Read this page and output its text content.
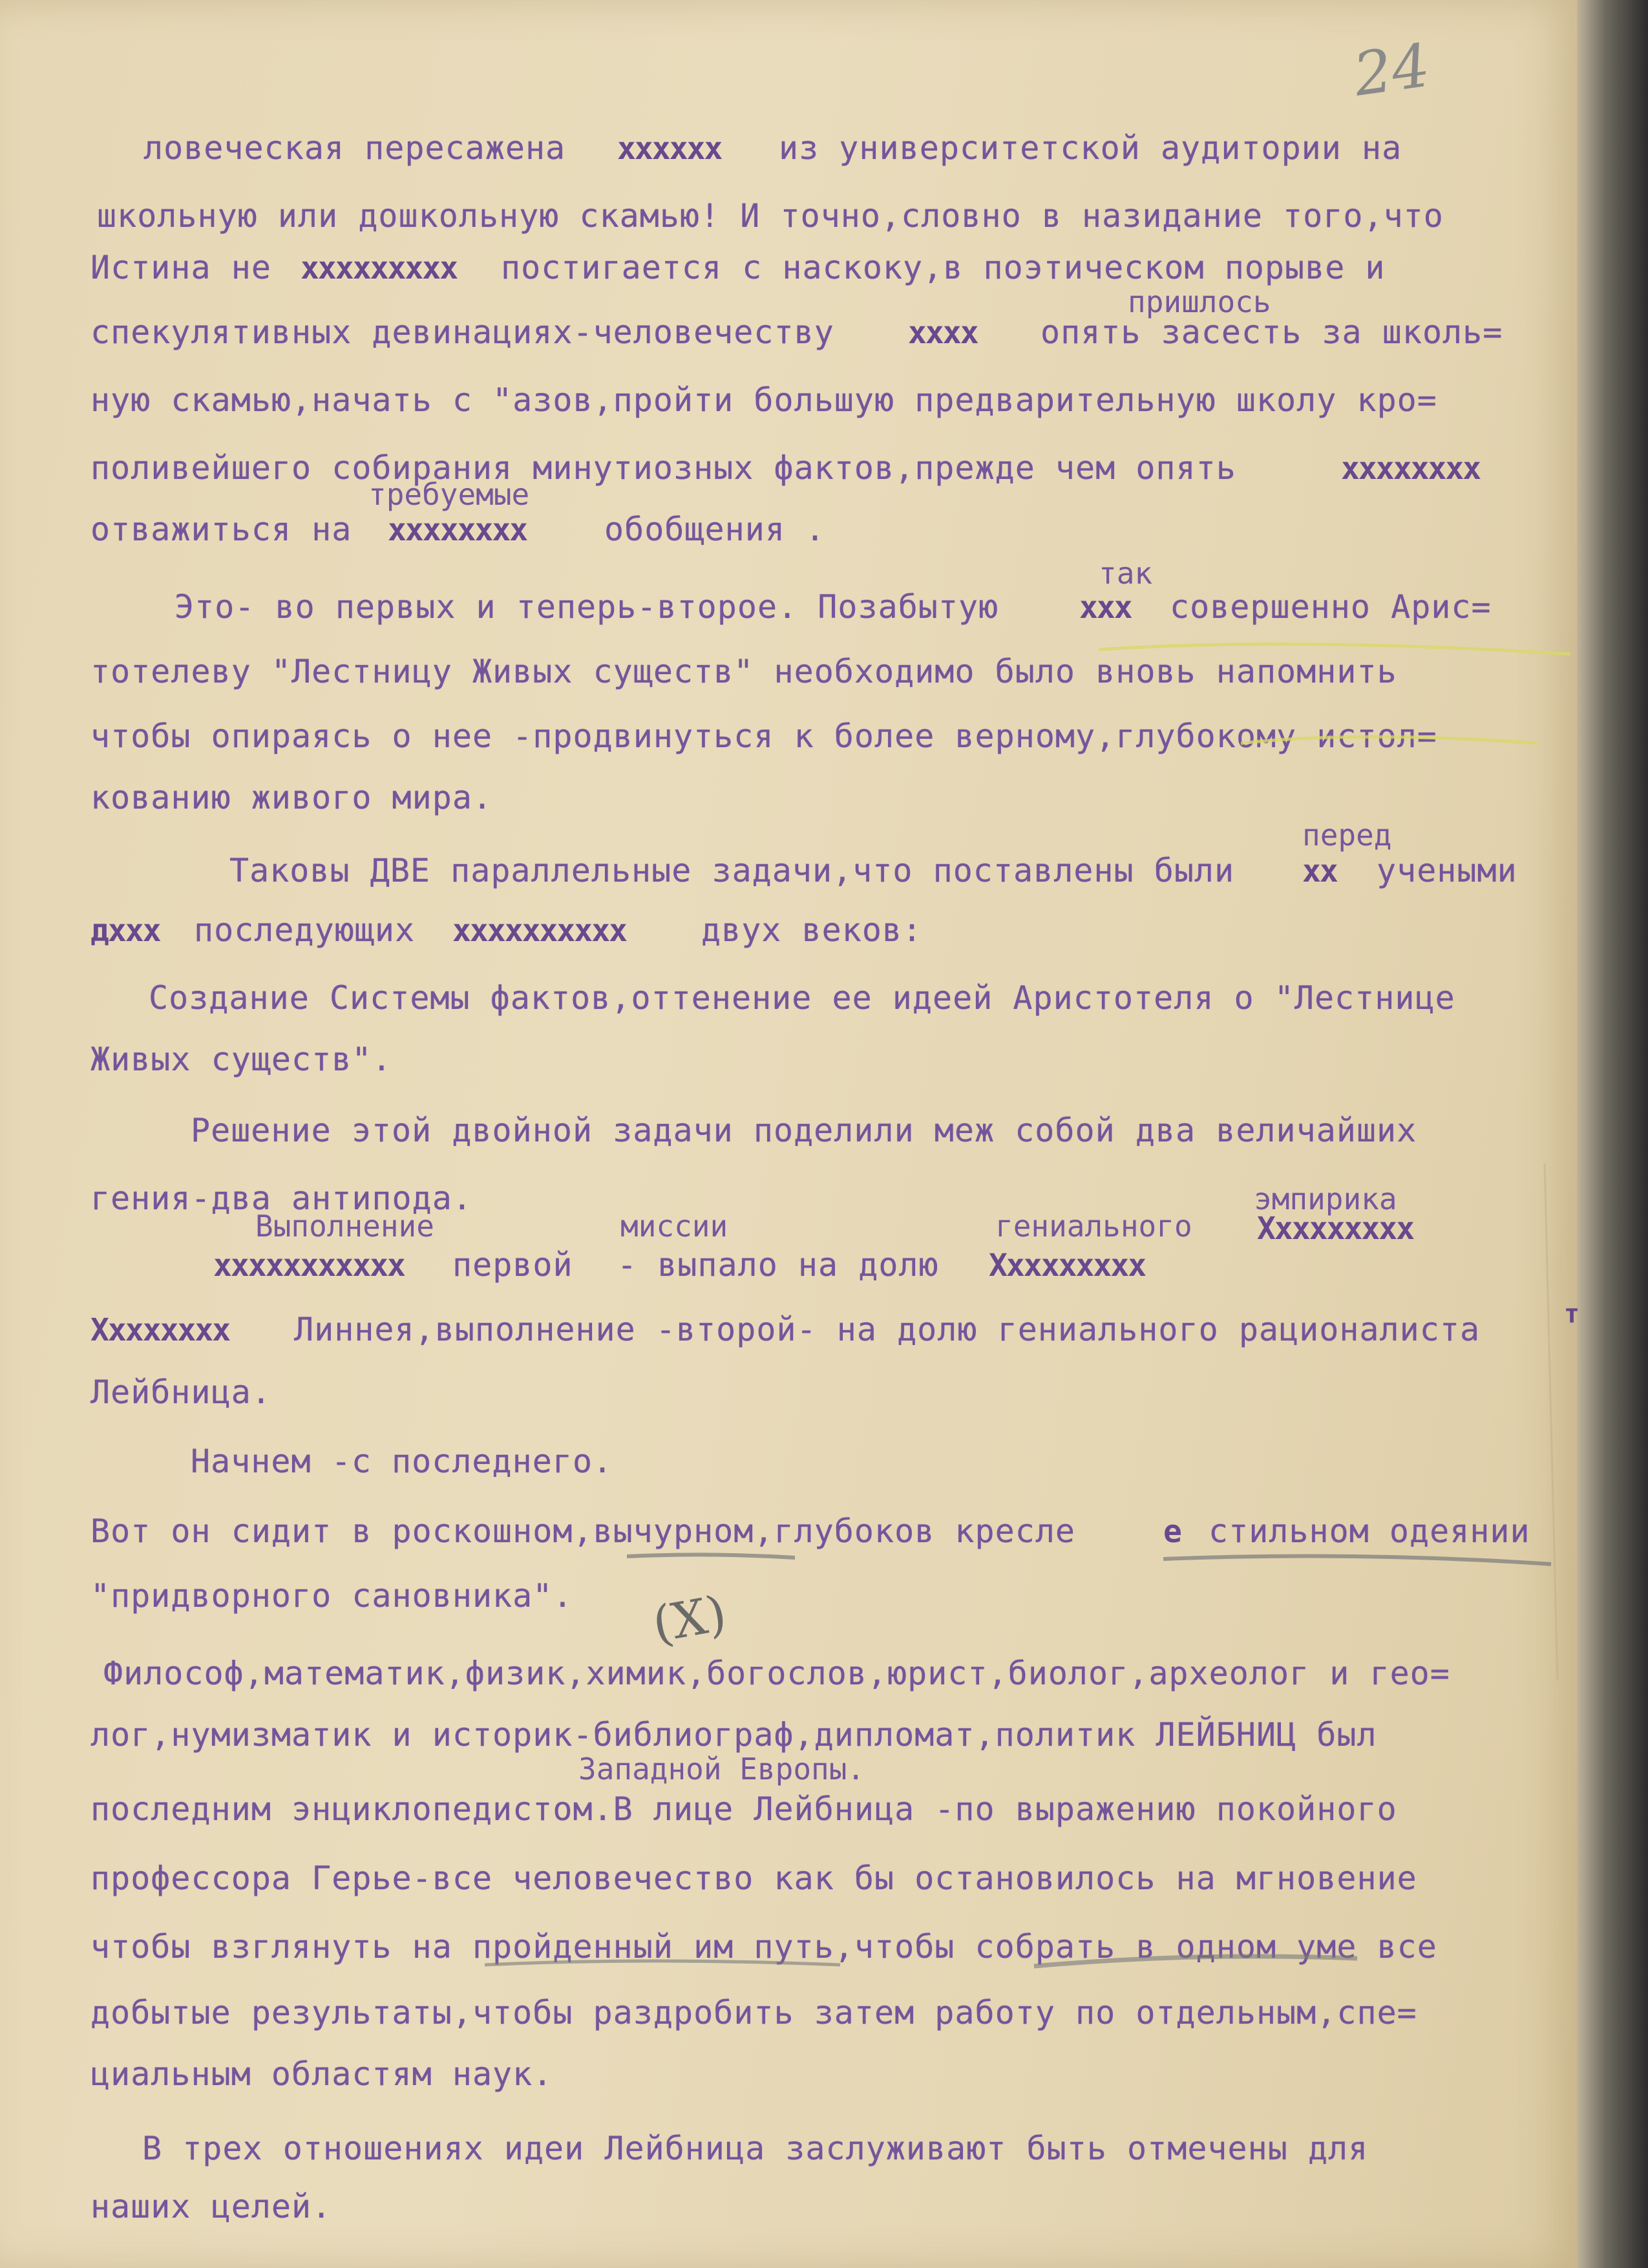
24
ловеческая пересажена хххххх из университетской аудитории на
школьную или дошкольную скамью! И точно,словно в назидание того,что
Истина не ххххххххх постигается с наскоку,в поэтическом порыве и
пришлось
спекулятивных девинациях-человечеству хххх опять засесть за школь=
ную скамью,начать с "азов,пройти большую предварительную школу кро=
поливейшего собирания минутиозных фактов,прежде чем опять	хххххххх
требуемые
отважиться на хххххххх обобщения .
так
Это- во первых и теперь-второе. Позабытую	ххх совершенно Арис=
тотелеву "Лестницу Живых существ" необходимо было вновь напомнить
чтобы опираясь о нее -продвинуться к более верному,глубокому истол=
кованию живого мира.
перед
Таковы ДВЕ параллельные задачи,что поставлены были хх учеными
дххх последующих хххххххххх двух веков:
Создание Системы фактов,оттенение ее идеей Аристотеля о "Лестнице
Живых существ".
Решение этой двойной задачи поделили меж собой два величайших
гения-два антипода.	эмпирика
Выполнение	миссии	гениального Ххххххххх
ххххххххххх первой - выпало на долю Ххххххххх
Хххххххх Линнея,выполнение -второй- на долю гениального рационалиста	т
Лейбница.
Начнем -с последнего.
Вот он сидит в роскошном,вычурном,глубоков кресле	е стильном одеянии
"придворного сановника".
Философ,математик,физик,химик,богослов,юрист,биолог,археолог и гео=
лог,нумизматик и историк-библиограф,дипломат,политик ЛЕЙБНИЦ был
Западной Европы.
последним энциклопедистом.В лице Лейбница -по выражению покойного
профессора Герье-все человечество как бы остановилось на мгновение
чтобы взглянуть на пройденный им путь,чтобы собрать в одном уме все
добытые результаты,чтобы раздробить затем работу по отдельным,спе=
циальным областям наук.
В трех отношениях идеи Лейбница заслуживают быть отмечены для
наших целей.
(X)
